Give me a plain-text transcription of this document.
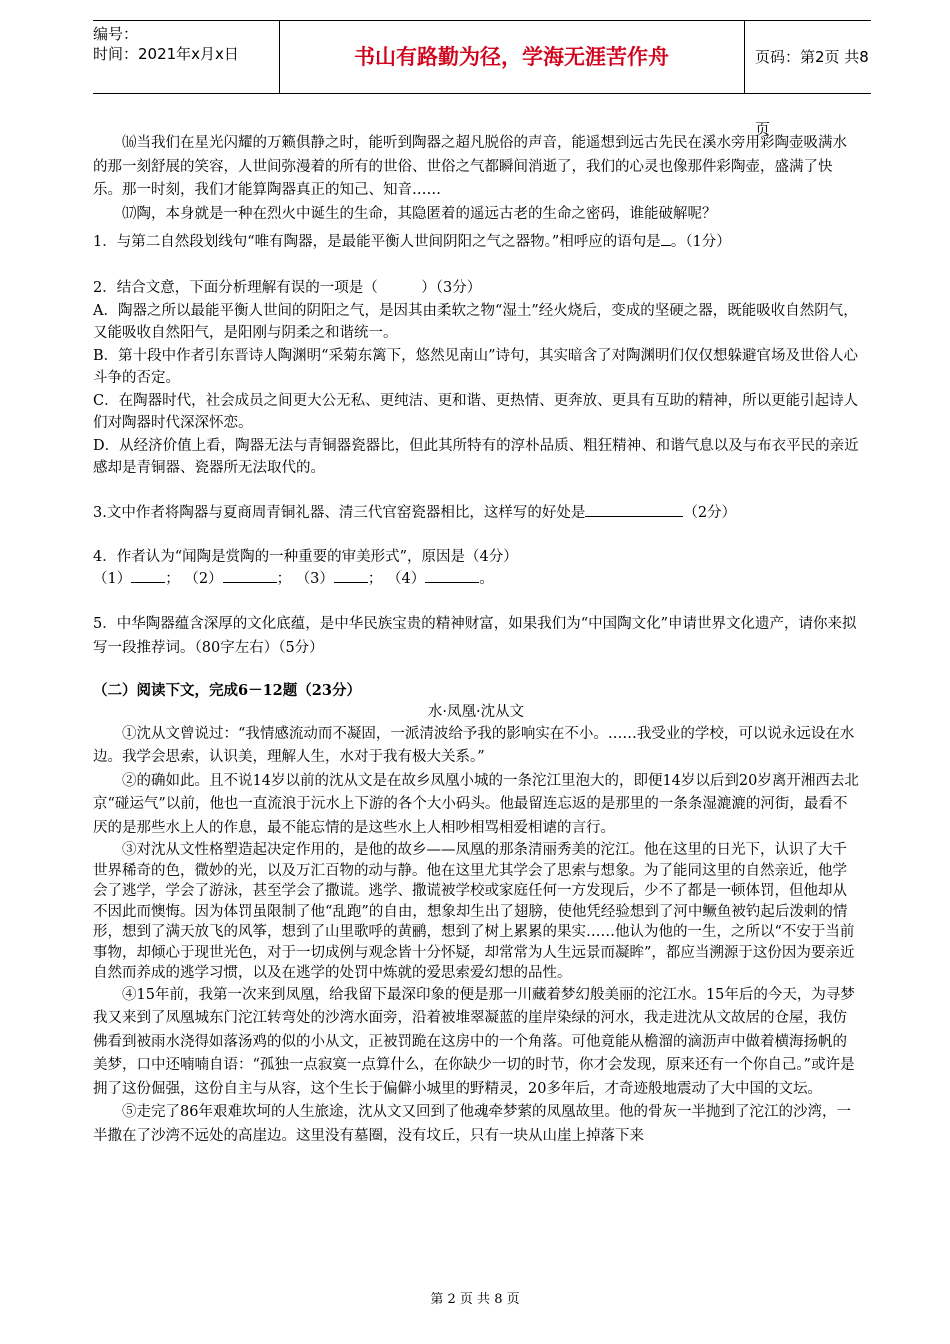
编号：
时间：2021年x月x日	书山有路勤为径，学海无涯苦作舟	页码：第2页 共8页

⒃当我们在星光闪耀的万籁俱静之时，能听到陶器之超凡脱俗的声音，能遥想到远古先民在溪水旁用彩陶壶吸满水的那一刻舒展的笑容，人世间弥漫着的所有的世俗、世俗之气都瞬间消逝了，我们的心灵也像那件彩陶壶，盛满了快乐。那一时刻，我们才能算陶器真正的知己、知音……

⒄陶，本身就是一种在烈火中诞生的生命，其隐匿着的遥远古老的生命之密码，谁能破解呢？

1．与第二自然段划线句“唯有陶器，是最能平衡人世间阴阳之气之器物。”相呼应的语句是 。（1分）

2．结合文意，下面分析理解有误的一项是（　　　）（3分）

A．陶器之所以最能平衡人世间的阴阳之气，是因其由柔软之物“湿土”经火烧后，变成的坚硬之器，既能吸收自然阴气，又能吸收自然阳气，是阳刚与阴柔之和谐统一。

B．第十段中作者引东晋诗人陶渊明“采菊东篱下，悠然见南山”诗句，其实暗含了对陶渊明们仅仅想躲避官场及世俗人心斗争的否定。

C．在陶器时代，社会成员之间更大公无私、更纯洁、更和谐、更热情、更奔放、更具有互助的精神，所以更能引起诗人们对陶器时代深深怀恋。

D．从经济价值上看，陶器无法与青铜器瓷器比，但此其所特有的淳朴品质、粗狂精神、和谐气息以及与布衣平民的亲近感却是青铜器、瓷器所无法取代的。

3.文中作者将陶器与夏商周青铜礼器、清三代官窑瓷器相比，这样写的好处是	（2分）

4．作者认为“闻陶是赏陶的一种重要的审美形式”，原因是（4分）

（1） ； （2）	； （3） ； （4）	。

5．中华陶器蕴含深厚的文化底蕴，是中华民族宝贵的精神财富，如果我们为“中国陶文化”申请世界文化遗产，请你来拟写一段推荐词。（80字左右）（5分）

（二）阅读下文，完成6－12题（23分）

水·凤凰·沈从文

①沈从文曾说过：“我情感流动而不凝固，一派清波给予我的影响实在不小。……我受业的学校，可以说永远设在水边。我学会思索，认识美，理解人生，水对于我有极大关系。”

②的确如此。且不说14岁以前的沈从文是在故乡凤凰小城的一条沱江里泡大的，即便14岁以后到20岁离开湘西去北京“碰运气”以前，他也一直流浪于沅水上下游的各个大小码头。他最留连忘返的是那里的一条条湿漉漉的河街，最看不厌的是那些水上人的作息，最不能忘情的是这些水上人相吵相骂相爱相谑的言行。

③对沈从文性格塑造起决定作用的，是他的故乡——凤凰的那条清丽秀美的沱江。他在这里的日光下，认识了大千世界稀奇的色，微妙的光，以及万汇百物的动与静。他在这里尤其学会了思索与想象。为了能同这里的自然亲近，他学会了逃学，学会了游泳，甚至学会了撒谎。逃学、撒谎被学校或家庭任何一方发现后，少不了都是一顿体罚，但他却从不因此而懊悔。因为体罚虽限制了他“乱跑”的自由，想象却生出了翅膀，使他凭经验想到了河中鳜鱼被钓起后泼刺的情形，想到了满天放飞的风筝，想到了山里歌呼的黄鹂，想到了树上累累的果实……他认为他的一生，之所以“不安于当前事物，却倾心于现世光色，对于一切成例与观念皆十分怀疑，却常常为人生远景而凝眸”，都应当溯源于这份因为要亲近自然而养成的逃学习惯，以及在逃学的处罚中炼就的爱思索爱幻想的品性。

④15年前，我第一次来到凤凰，给我留下最深印象的便是那一川藏着梦幻般美丽的沱江水。15年后的今天，为寻梦我又来到了凤凰城东门沱江转弯处的沙湾水面旁，沿着被堆翠凝蓝的崖岸染绿的河水，我走进沈从文故居的仓屋，我仿佛看到被雨水浇得如落汤鸡的似的小从文，正被罚跪在这房中的一个角落。可他竟能从檐溜的滴沥声中做着横海扬帆的美梦，口中还喃喃自语：“孤独一点寂寞一点算什么，在你缺少一切的时节，你才会发现，原来还有一个你自己。”或许是拥了这份倔强，这份自主与从容，这个生长于偏僻小城里的野精灵，20多年后，才奇迹般地震动了大中国的文坛。

⑤走完了86年艰难坎坷的人生旅途，沈从文又回到了他魂牵梦萦的凤凰故里。他的骨灰一半抛到了沱江的沙湾，一半撒在了沙湾不远处的高崖边。这里没有墓圈，没有坟丘，只有一块从山崖上掉落下来

第 2 页 共 8 页
